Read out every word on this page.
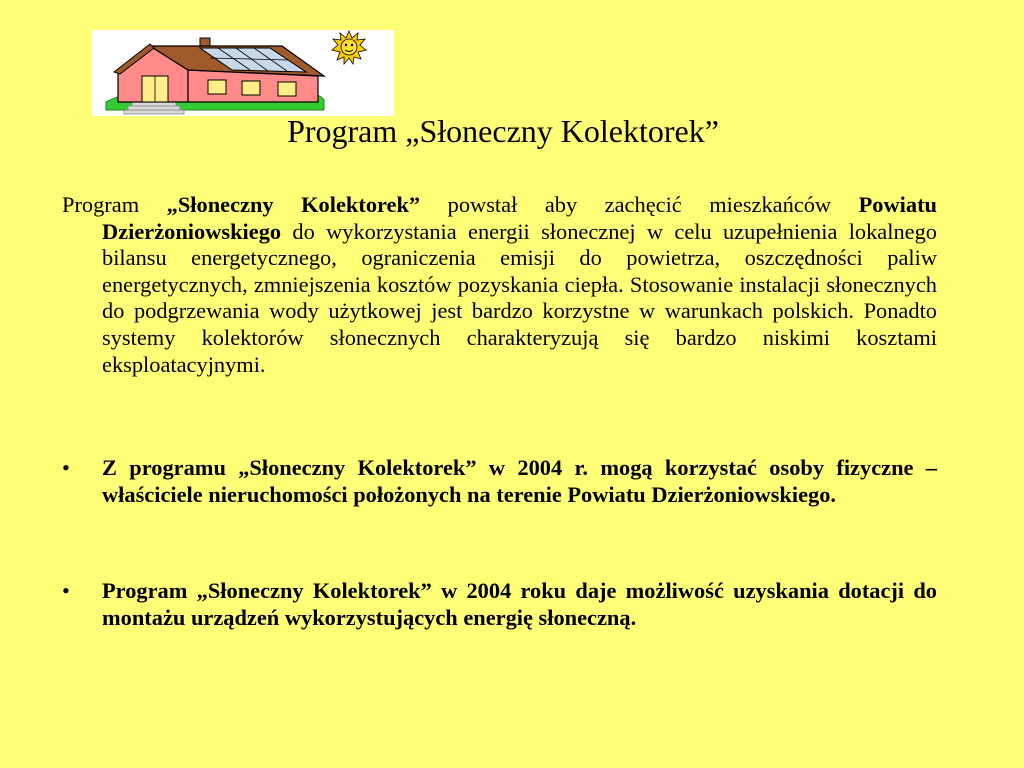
Program „Słoneczny Kolektorek”

Program „Słoneczny Kolektorek” powstał aby zachęcić mieszkańców Powiatu Dzierżoniowskiego do wykorzystania energii słonecznej w celu uzupełnienia lokalnego bilansu energetycznego, ograniczenia emisji do powietrza, oszczędności paliw energetycznych, zmniejszenia kosztów pozyskania ciepła. Stosowanie instalacji słonecznych do podgrzewania wody użytkowej jest bardzo korzystne w warunkach polskich. Ponadto systemy kolektorów słonecznych charakteryzują się bardzo niskimi kosztami eksploatacyjnymi.

• Z programu „Słoneczny Kolektorek” w 2004 r. mogą korzystać osoby fizyczne – właściciele nieruchomości położonych na terenie Powiatu Dzierżoniowskiego.

• Program „Słoneczny Kolektorek” w 2004 roku daje możliwość uzyskania dotacji do montażu urządzeń wykorzystujących energię słoneczną.
